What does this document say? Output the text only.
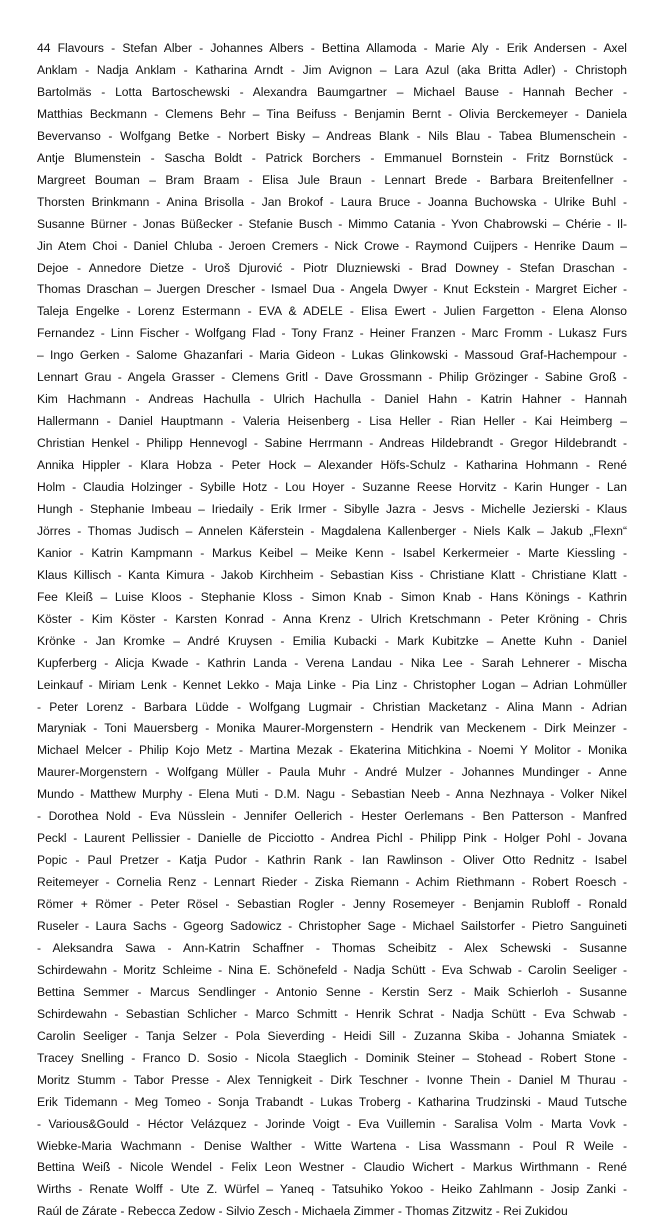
44 Flavours - Stefan Alber - Johannes Albers - Bettina Allamoda - Marie Aly - Erik Andersen - Axel

Anklam - Nadja Anklam - Katharina Arndt - Jim Avignon – Lara Azul (aka Britta Adler) - Christoph

Bartolmäs - Lotta Bartoschewski - Alexandra Baumgartner – Michael Bause - Hannah Becher -

Matthias Beckmann - Clemens Behr – Tina Beifuss - Benjamin Bernt - Olivia Berckemeyer - Daniela

Bevervanso - Wolfgang Betke - Norbert Bisky – Andreas Blank - Nils Blau - Tabea Blumenschein -

Antje Blumenstein - Sascha Boldt - Patrick Borchers - Emmanuel Bornstein - Fritz Bornstück -

Margreet Bouman – Bram Braam - Elisa Jule Braun - Lennart Brede - Barbara Breitenfellner -

Thorsten Brinkmann - Anina Brisolla - Jan Brokof - Laura Bruce - Joanna Buchowska - Ulrike Buhl -

Susanne Bürner - Jonas Büßecker - Stefanie Busch - Mimmo Catania - Yvon Chabrowski – Chérie - Il-

Jin Atem Choi - Daniel Chluba - Jeroen Cremers - Nick Crowe - Raymond Cuijpers - Henrike Daum –

Dejoe - Annedore Dietze - Uroš Djurović - Piotr Dluzniewski - Brad Downey - Stefan Draschan -

Thomas Draschan – Juergen Drescher - Ismael Dua - Angela Dwyer - Knut Eckstein - Margret Eicher -

Taleja Engelke - Lorenz Estermann - EVA & ADELE - Elisa Ewert - Julien Fargetton - Elena Alonso

Fernandez - Linn Fischer - Wolfgang Flad - Tony Franz - Heiner Franzen - Marc Fromm - Lukasz Furs

– Ingo Gerken - Salome Ghazanfari - Maria Gideon - Lukas Glinkowski - Massoud Graf-Hachempour -

Lennart Grau - Angela Grasser - Clemens Gritl - Dave Grossmann - Philip Grözinger - Sabine Groß -

Kim Hachmann - Andreas Hachulla - Ulrich Hachulla - Daniel Hahn - Katrin Hahner - Hannah

Hallermann - Daniel Hauptmann - Valeria Heisenberg - Lisa Heller - Rian Heller - Kai Heimberg –

Christian Henkel - Philipp Hennevogl - Sabine Herrmann - Andreas Hildebrandt - Gregor Hildebrandt -

Annika Hippler - Klara Hobza - Peter Hock – Alexander Höfs-Schulz - Katharina Hohmann - René

Holm - Claudia Holzinger - Sybille Hotz - Lou Hoyer - Suzanne Reese Horvitz - Karin Hunger - Lan

Hungh - Stephanie Imbeau – Iriedaily - Erik Irmer - Sibylle Jazra - Jesvs - Michelle Jezierski - Klaus

Jörres - Thomas Judisch – Annelen Käferstein - Magdalena Kallenberger - Niels Kalk – Jakub „Flexn“

Kanior - Katrin Kampmann - Markus Keibel – Meike Kenn - Isabel Kerkermeier - Marte Kiessling -

Klaus Killisch - Kanta Kimura - Jakob Kirchheim - Sebastian Kiss - Christiane Klatt - Christiane Klatt -

Fee Kleiß – Luise Kloos - Stephanie Kloss - Simon Knab - Simon Knab - Hans Könings - Kathrin

Köster - Kim Köster - Karsten Konrad - Anna Krenz - Ulrich Kretschmann - Peter Kröning - Chris

Krönke - Jan Kromke – André Kruysen - Emilia Kubacki - Mark Kubitzke – Anette Kuhn - Daniel

Kupferberg - Alicja Kwade - Kathrin Landa - Verena Landau - Nika Lee - Sarah Lehnerer - Mischa

Leinkauf - Miriam Lenk - Kennet Lekko - Maja Linke - Pia Linz - Christopher Logan – Adrian Lohmüller

- Peter Lorenz - Barbara Lüdde - Wolfgang Lugmair - Christian Macketanz - Alina Mann - Adrian

Maryniak - Toni Mauersberg - Monika Maurer-Morgenstern - Hendrik van Meckenem - Dirk Meinzer -

Michael Melcer - Philip Kojo Metz - Martina Mezak - Ekaterina Mitichkina - Noemi Y Molitor - Monika

Maurer-Morgenstern - Wolfgang Müller - Paula Muhr - André Mulzer - Johannes Mundinger - Anne

Mundo - Matthew Murphy - Elena Muti - D.M. Nagu - Sebastian Neeb - Anna Nezhnaya - Volker Nikel

- Dorothea Nold - Eva Nüsslein - Jennifer Oellerich - Hester Oerlemans - Ben Patterson - Manfred

Peckl - Laurent Pellissier - Danielle de Picciotto - Andrea Pichl - Philipp Pink - Holger Pohl - Jovana

Popic - Paul Pretzer - Katja Pudor - Kathrin Rank - Ian Rawlinson - Oliver Otto Rednitz - Isabel

Reitemeyer - Cornelia Renz - Lennart Rieder - Ziska Riemann - Achim Riethmann - Robert Roesch -

Römer + Römer - Peter Rösel - Sebastian Rogler - Jenny Rosemeyer - Benjamin Rubloff - Ronald

Ruseler - Laura Sachs - Ggeorg Sadowicz - Christopher Sage - Michael Sailstorfer - Pietro Sanguineti

- Aleksandra Sawa - Ann-Katrin Schaffner - Thomas Scheibitz - Alex Schewski - Susanne

Schirdewahn - Moritz Schleime - Nina E. Schönefeld - Nadja Schütt - Eva Schwab - Carolin Seeliger -

Bettina Semmer - Marcus Sendlinger - Antonio Senne - Kerstin Serz - Maik Schierloh - Susanne

Schirdewahn - Sebastian Schlicher - Marco Schmitt - Henrik Schrat - Nadja Schütt - Eva Schwab -

Carolin Seeliger - Tanja Selzer - Pola Sieverding - Heidi Sill - Zuzanna Skiba - Johanna Smiatek -

Tracey Snelling - Franco D. Sosio - Nicola Staeglich - Dominik Steiner – Stohead - Robert Stone -

Moritz Stumm - Tabor Presse - Alex Tennigkeit - Dirk Teschner - Ivonne Thein - Daniel M Thurau -

Erik Tidemann - Meg Tomeo - Sonja Trabandt - Lukas Troberg - Katharina Trudzinski - Maud Tutsche

- Various&Gould - Héctor Velázquez - Jorinde Voigt - Eva Vuillemin - Saralisa Volm - Marta Vovk -

Wiebke-Maria Wachmann - Denise Walther - Witte Wartena - Lisa Wassmann - Poul R Weile -

Bettina Weiß - Nicole Wendel - Felix Leon Westner - Claudio Wichert - Markus Wirthmann - René

Wirths - Renate Wolff - Ute Z. Würfel – Yaneq - Tatsuhiko Yokoo - Heiko Zahlmann - Josip Zanki -

Raúl de Zárate - Rebecca Zedow - Silvio Zesch - Michaela Zimmer - Thomas Zitzwitz - Rei Zukidou
